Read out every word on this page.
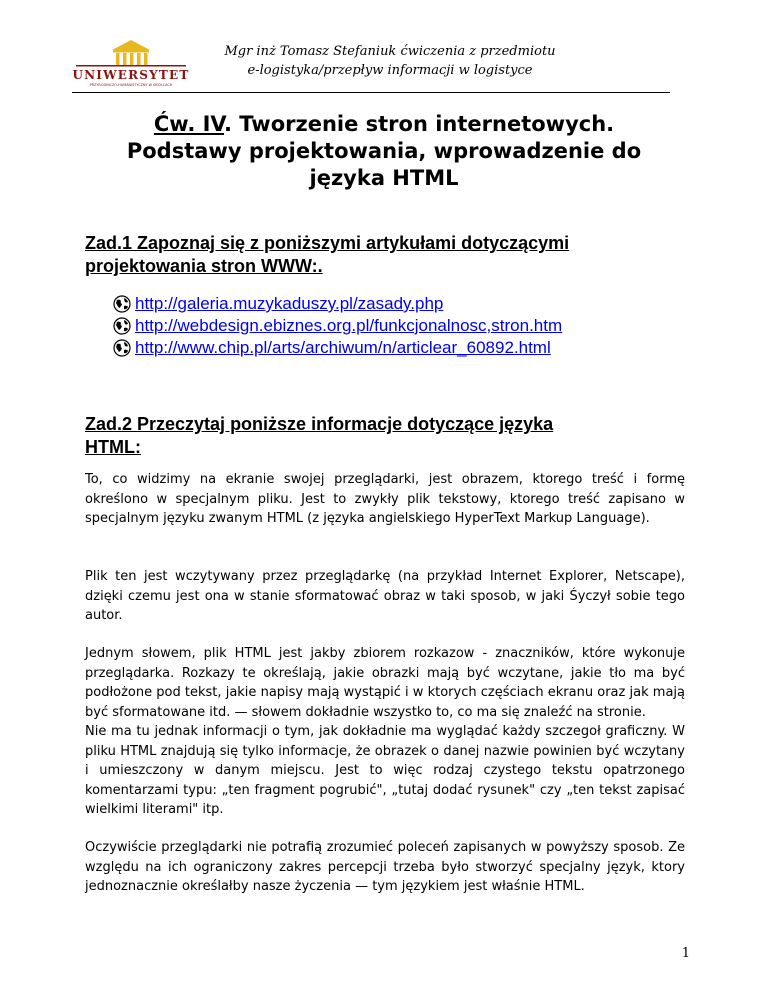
UNIWERSYTET
PRZYRODNICZO-HUMANISTYCZNY W SIEDLCACH
Mgr inż Tomasz Stefaniuk ćwiczenia z przedmiotu
e-logistyka/przepływ informacji w logistyce
Ćw. IV. Tworzenie stron internetowych.
Podstawy projektowania, wprowadzenie do
języka HTML
Zad.1 Zapoznaj się z poniższymi artykułami dotyczącymi
projektowania stron WWW:.
http://galeria.muzykaduszy.pl/zasady.php
http://webdesign.ebiznes.org.pl/funkcjonalnosc,stron.htm
http://www.chip.pl/arts/archiwum/n/articlear_60892.html
Zad.2 Przeczytaj poniższe informacje dotyczące języka
HTML:

To, co widzimy na ekranie swojej przeglądarki, jest obrazem, ktorego treść i formę określono w specjalnym pliku. Jest to zwykły plik tekstowy, ktorego treść zapisano w specjalnym języku zwanym HTML (z języka angielskiego HyperText Markup Language).

Plik ten jest wczytywany przez przeglądarkę (na przykład Internet Explorer, Netscape), dzięki czemu jest ona w stanie sformatować obraz w taki sposob, w jaki Śyczył sobie tego autor.

Jednym słowem, plik HTML jest jakby zbiorem rozkazow - znaczników, które wykonuje przeglądarka. Rozkazy te określają, jakie obrazki mają być wczytane, jakie tło ma być podłożone pod tekst, jakie napisy mają wystąpić i w ktorych częściach ekranu oraz jak mają być sformatowane itd. — słowem dokładnie wszystko to, co ma się znaleźć na stronie.

Nie ma tu jednak informacji o tym, jak dokładnie ma wyglądać każdy szczegoł graficzny. W pliku HTML znajdują się tylko informacje, że obrazek o danej nazwie powinien być wczytany i umieszczony w danym miejscu. Jest to więc rodzaj czystego tekstu opatrzonego komentarzami typu: „ten fragment pogrubić", „tutaj dodać rysunek" czy „ten tekst zapisać wielkimi literami" itp.

Oczywiście przeglądarki nie potrafią zrozumieć poleceń zapisanych w powyższy sposob. Ze względu na ich ograniczony zakres percepcji trzeba było stworzyć specjalny język, ktory jednoznacznie określałby nasze życzenia — tym językiem jest właśnie HTML.

1
